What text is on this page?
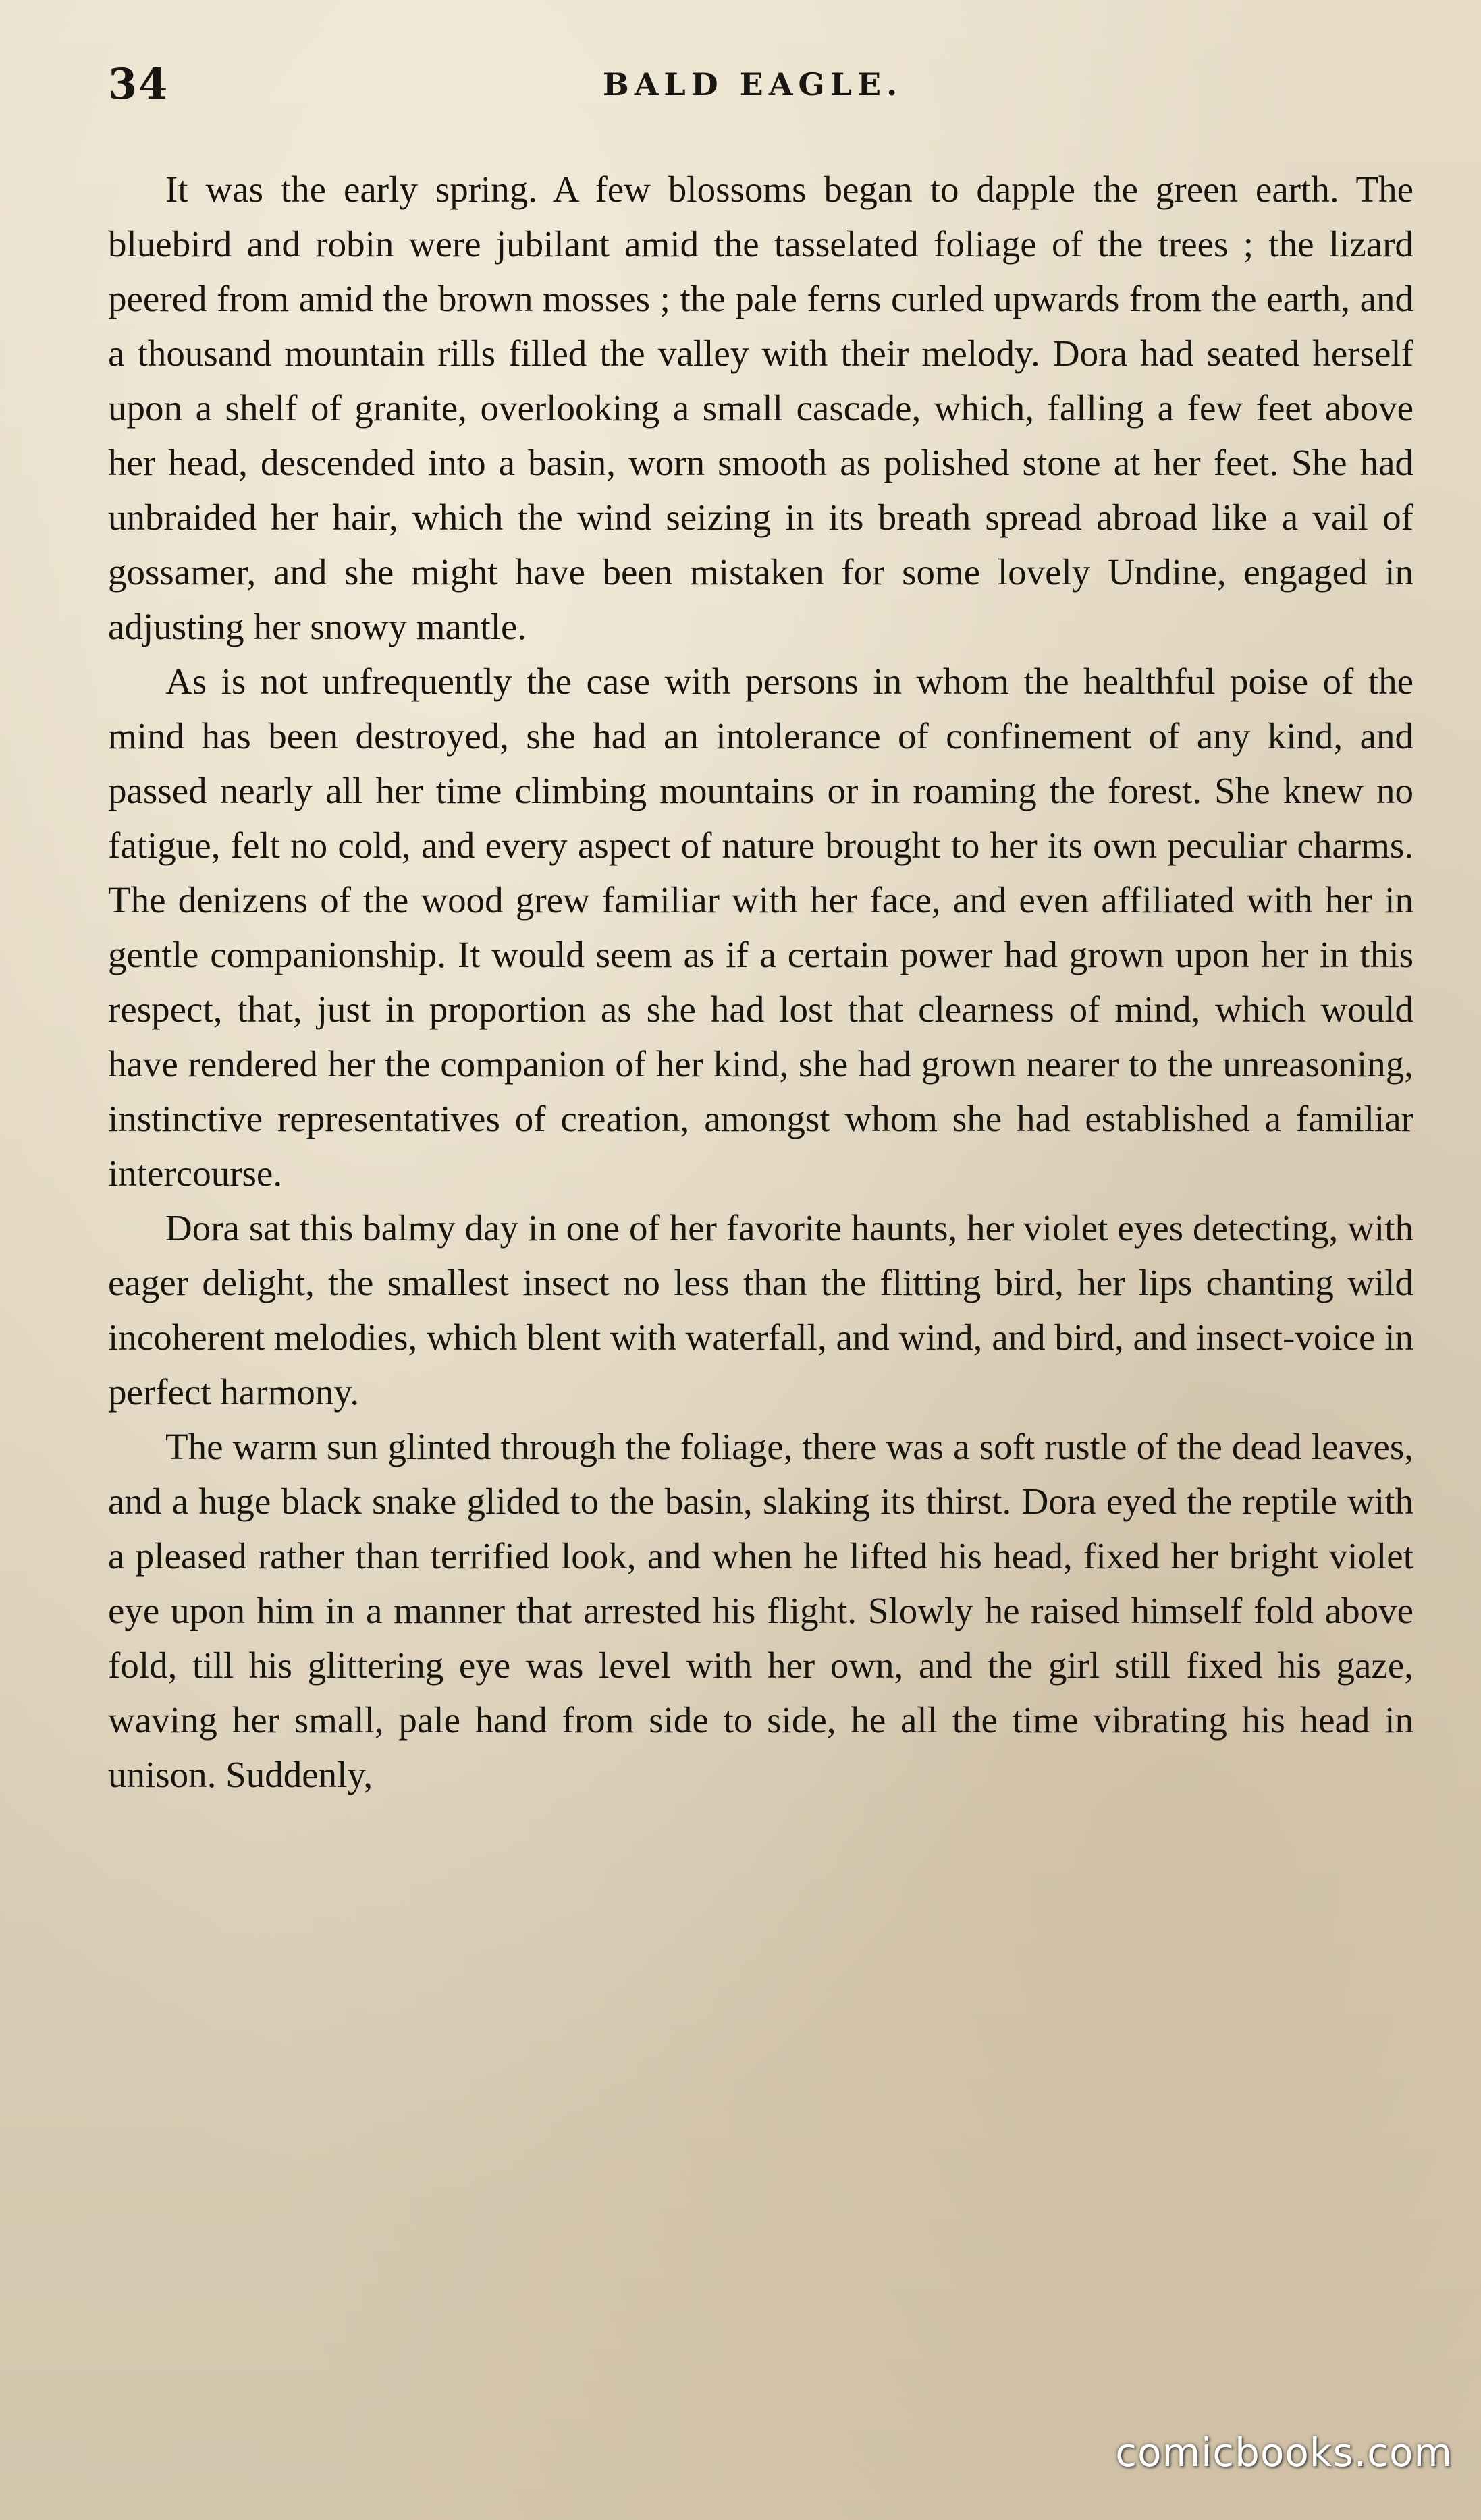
34	BALD EAGLE.

It was the early spring. A few blossoms began to dapple the green earth. The bluebird and robin were jubilant amid the tasselated foliage of the trees ; the lizard peered from amid the brown mosses ; the pale ferns curled upwards from the earth, and a thousand mountain rills filled the valley with their melody. Dora had seated herself upon a shelf of granite, overlooking a small cascade, which, falling a few feet above her head, descended into a basin, worn smooth as polished stone at her feet. She had unbraided her hair, which the wind seizing in its breath spread abroad like a vail of gossamer, and she might have been mistaken for some lovely Undine, engaged in adjusting her snowy mantle.

As is not unfrequently the case with persons in whom the healthful poise of the mind has been destroyed, she had an intolerance of confinement of any kind, and passed nearly all her time climbing mountains or in roaming the forest. She knew no fatigue, felt no cold, and every aspect of nature brought to her its own peculiar charms. The denizens of the wood grew familiar with her face, and even affiliated with her in gentle companionship. It would seem as if a certain power had grown upon her in this respect, that, just in proportion as she had lost that clearness of mind, which would have rendered her the companion of her kind, she had grown nearer to the unreasoning, instinctive representatives of creation, amongst whom she had established a familiar intercourse.

Dora sat this balmy day in one of her favorite haunts, her violet eyes detecting, with eager delight, the smallest insect no less than the flitting bird, her lips chanting wild incoherent melodies, which blent with waterfall, and wind, and bird, and insect-voice in perfect harmony.

The warm sun glinted through the foliage, there was a soft rustle of the dead leaves, and a huge black snake glided to the basin, slaking its thirst. Dora eyed the reptile with a pleased rather than terrified look, and when he lifted his head, fixed her bright violet eye upon him in a manner that arrested his flight. Slowly he raised himself fold above fold, till his glittering eye was level with her own, and the girl still fixed his gaze, waving her small, pale hand from side to side, he all the time vibrating his head in unison. Suddenly,

comicbooks.com
